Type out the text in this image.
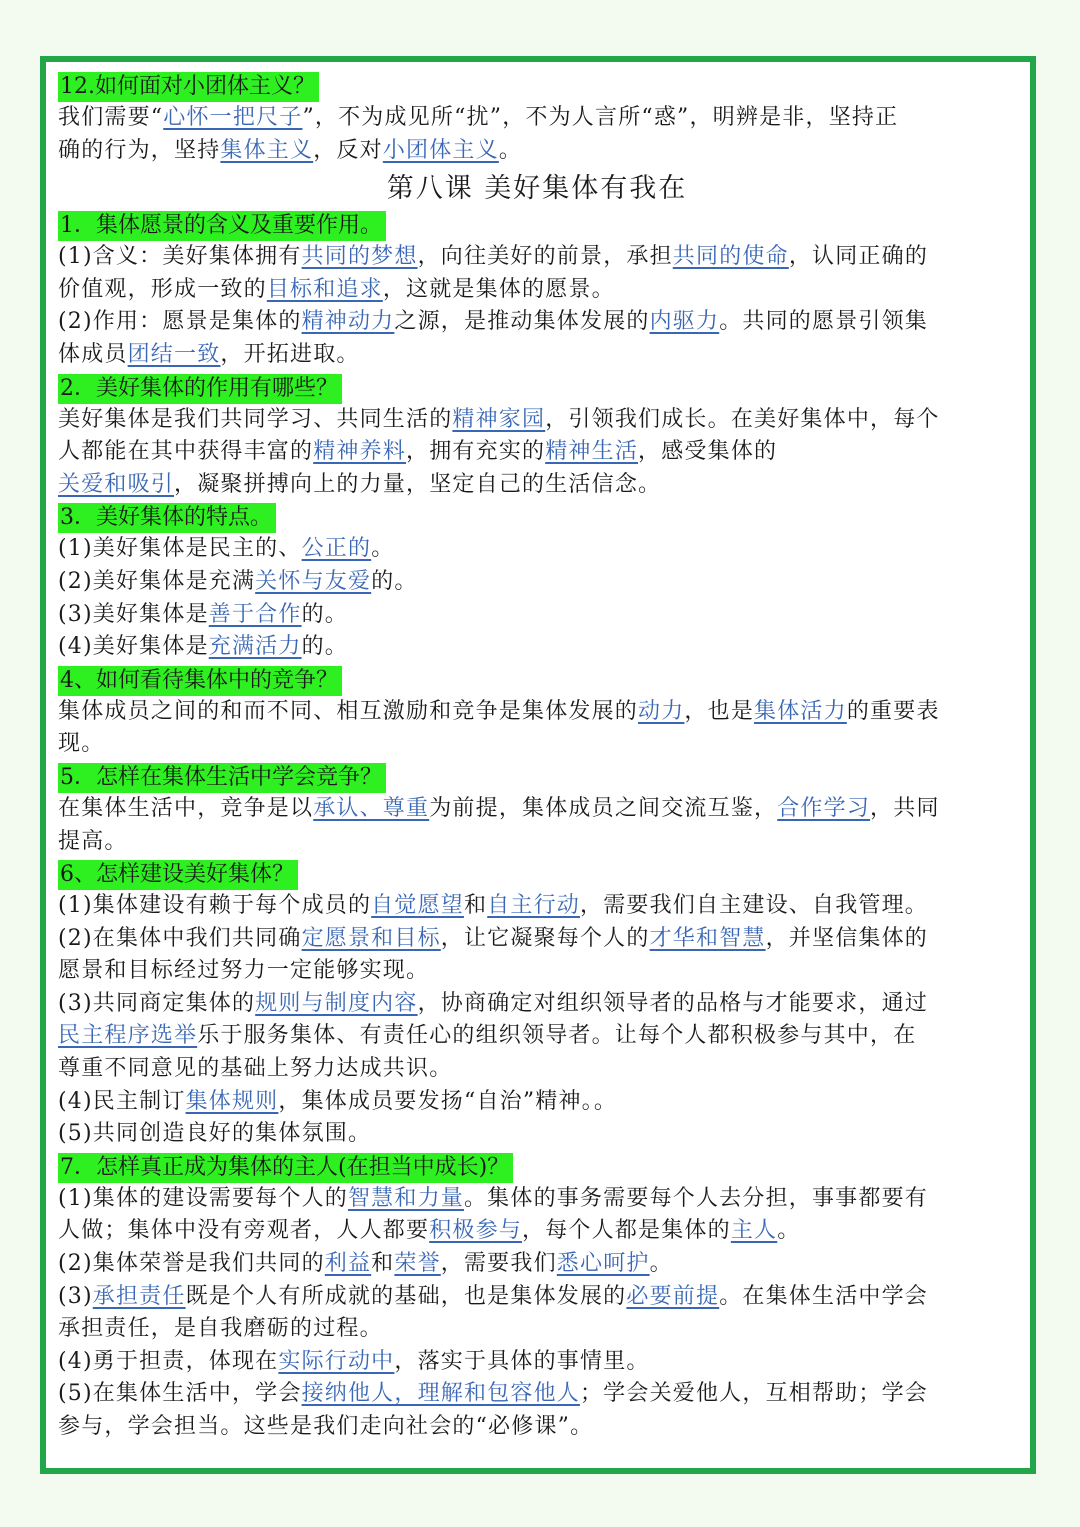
12.如何面对小团体主义？
我们需要“心怀一把尺子”，不为成见所“扰”，不为人言所“惑”，明辨是非，坚持正
确的行为，坚持集体主义，反对小团体主义。
第八课 美好集体有我在
1．集体愿景的含义及重要作用。
(1)含义：美好集体拥有共同的梦想，向往美好的前景，承担共同的使命，认同正确的
价值观，形成一致的目标和追求，这就是集体的愿景。
(2)作用：愿景是集体的精神动力之源，是推动集体发展的内驱力。共同的愿景引领集
体成员团结一致，开拓进取。
2．美好集体的作用有哪些？
美好集体是我们共同学习、共同生活的精神家园，引领我们成长。在美好集体中，每个
人都能在其中获得丰富的精神养料，拥有充实的精神生活，感受集体的
关爱和吸引，凝聚拼搏向上的力量，坚定自己的生活信念。
3．美好集体的特点。
(1)美好集体是民主的、公正的。
(2)美好集体是充满关怀与友爱的。
(3)美好集体是善于合作的。
(4)美好集体是充满活力的。
4、如何看待集体中的竞争？
集体成员之间的和而不同、相互激励和竞争是集体发展的动力，也是集体活力的重要表
现。
5．怎样在集体生活中学会竞争？
在集体生活中，竞争是以承认、尊重为前提，集体成员之间交流互鉴，合作学习，共同
提高。
6、怎样建设美好集体？
(1)集体建设有赖于每个成员的自觉愿望和自主行动，需要我们自主建设、自我管理。
(2)在集体中我们共同确定愿景和目标，让它凝聚每个人的才华和智慧，并坚信集体的
愿景和目标经过努力一定能够实现。
(3)共同商定集体的规则与制度内容，协商确定对组织领导者的品格与才能要求，通过
民主程序选举乐于服务集体、有责任心的组织领导者。让每个人都积极参与其中，在
尊重不同意见的基础上努力达成共识。
(4)民主制订集体规则，集体成员要发扬“自治”精神。。
(5)共同创造良好的集体氛围。
7．怎样真正成为集体的主人(在担当中成长)？
(1)集体的建设需要每个人的智慧和力量。集体的事务需要每个人去分担，事事都要有
人做；集体中没有旁观者，人人都要积极参与，每个人都是集体的主人。
(2)集体荣誉是我们共同的利益和荣誉，需要我们悉心呵护。
(3)承担责任既是个人有所成就的基础，也是集体发展的必要前提。在集体生活中学会
承担责任，是自我磨砺的过程。
(4)勇于担责，体现在实际行动中，落实于具体的事情里。
(5)在集体生活中，学会接纳他人，理解和包容他人；学会关爱他人，互相帮助；学会
参与，学会担当。这些是我们走向社会的“必修课”。
